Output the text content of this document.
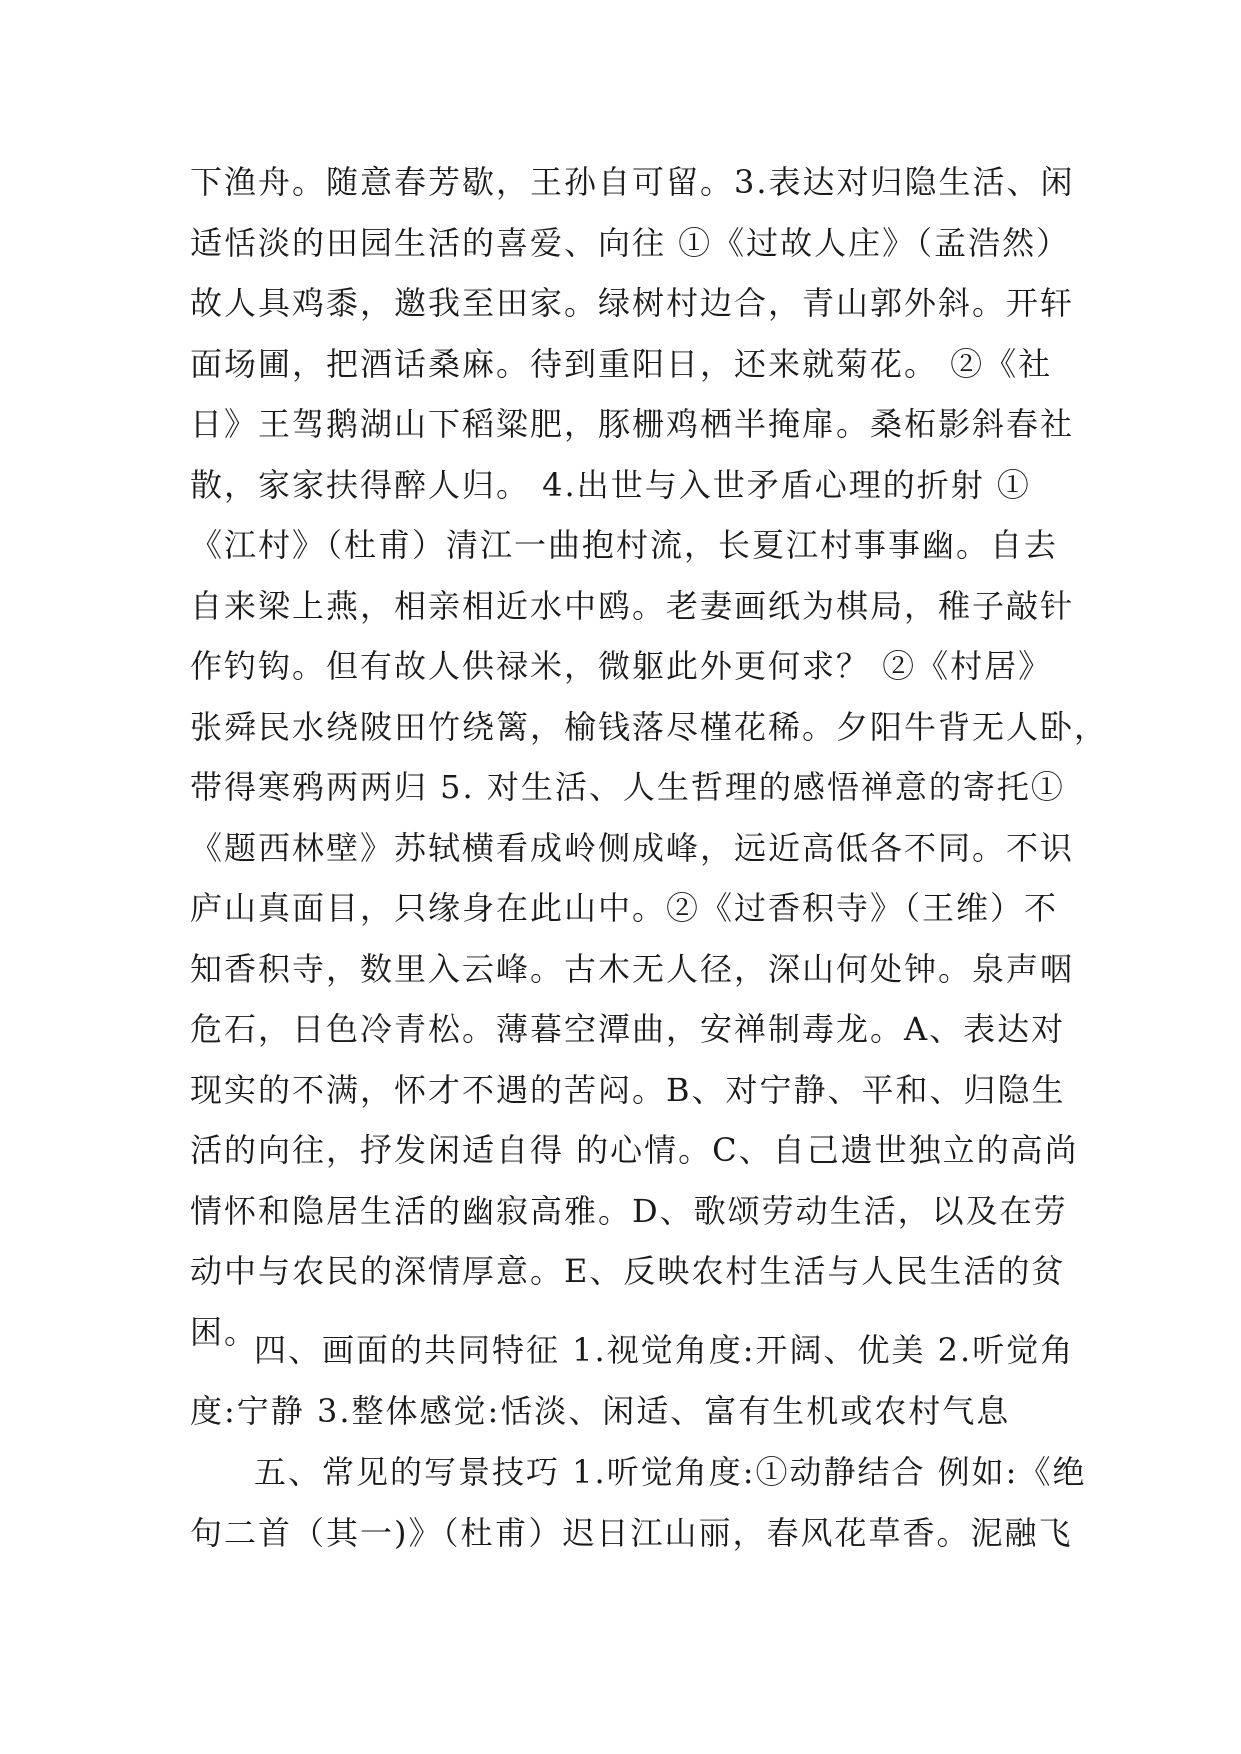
下渔舟。随意春芳歇，王孙自可留。3.表达对归隐生活、闲
适恬淡的田园生活的喜爱、向往 ①《过故人庄》（孟浩然）
故人具鸡黍，邀我至田家。绿树村边合，青山郭外斜。开轩
面场圃，把酒话桑麻。待到重阳日，还来就菊花。 ②《社
日》王驾鹅湖山下稻粱肥，豚栅鸡栖半掩扉。桑柘影斜春社
散，家家扶得醉人归。 4.出世与入世矛盾心理的折射 ①
《江村》（杜甫）清江一曲抱村流，长夏江村事事幽。自去
自来梁上燕，相亲相近水中鸥。老妻画纸为棋局，稚子敲针
作钓钩。但有故人供禄米，微躯此外更何求？ ②《村居》
张舜民水绕陂田竹绕篱，榆钱落尽槿花稀。夕阳牛背无人卧，
带得寒鸦两两归 5. 对生活、人生哲理的感悟禅意的寄托①
《题西林壁》苏轼横看成岭侧成峰，远近高低各不同。不识
庐山真面目，只缘身在此山中。②《过香积寺》（王维）不
知香积寺，数里入云峰。古木无人径，深山何处钟。泉声咽
危石，日色冷青松。薄暮空潭曲，安禅制毒龙。A、表达对
现实的不满，怀才不遇的苦闷。B、对宁静、平和、归隐生
活的向往，抒发闲适自得 的心情。C、自己遗世独立的高尚
情怀和隐居生活的幽寂高雅。D、歌颂劳动生活，以及在劳
动中与农民的深情厚意。E、反映农村生活与人民生活的贫
困。
四、画面的共同特征 1.视觉角度:开阔、优美 2.听觉角
度:宁静 3.整体感觉:恬淡、闲适、富有生机或农村气息
五、常见的写景技巧 1.听觉角度:①动静结合 例如:《绝
句二首（其一)》（杜甫）迟日江山丽，春风花草香。泥融飞
